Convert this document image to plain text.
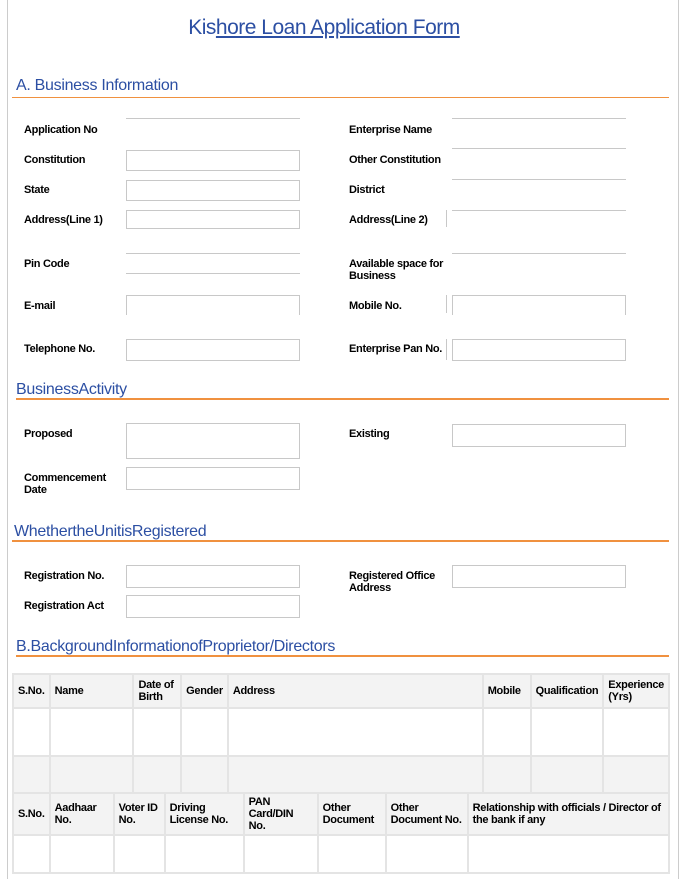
Kishore Loan Application Form
A. Business Information
Application No	Enterprise Name
Constitution	Other Constitution
State	District
Address(Line 1)	Address(Line 2)
Pin Code	Available space for Business
E-mail	Mobile No.
Telephone No.	Enterprise Pan No.
BusinessActivity
Proposed	Existing
Commencement Date
WhethertheUnitisRegistered
Registration No.	Registered Office Address
Registration Act
B.BackgroundInformationofProprietor/Directors
S.No.	Name	Date of Birth	Gender	Address	Mobile	Qualification	Experience (Yrs)

S.No.	Aadhaar No.	Voter ID No.	Driving License No.	PAN Card/DIN No.	Other Document	Other Document No.	Relationship with officials / Director of the bank if any
